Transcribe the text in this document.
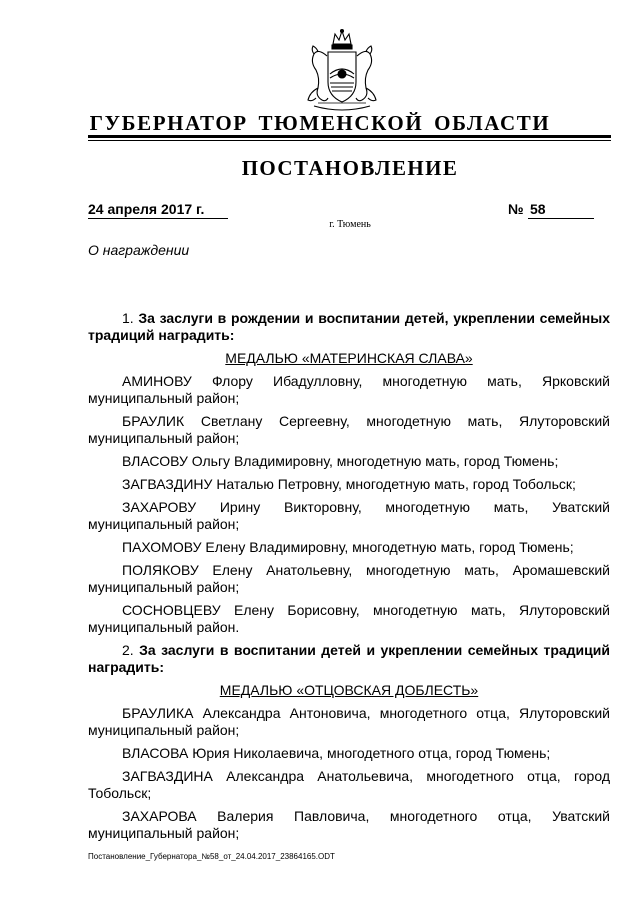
ГУБЕРНАТОР ТЮМЕНСКОЙ ОБЛАСТИ
ПОСТАНОВЛЕНИЕ
24 апреля 2017 г.	№ 58
г. Тюмень
О награждении
1. За заслуги в рождении и воспитании детей, укреплении семейных традиций наградить:
МЕДАЛЬЮ «МАТЕРИНСКАЯ СЛАВА»
АМИНОВУ Флору Ибадулловну, многодетную мать, Ярковский муниципальный район;
БРАУЛИК Светлану Сергеевну, многодетную мать, Ялуторовский муниципальный район;
ВЛАСОВУ Ольгу Владимировну, многодетную мать, город Тюмень;
ЗАГВАЗДИНУ Наталью Петровну, многодетную мать, город Тобольск;
ЗАХАРОВУ Ирину Викторовну, многодетную мать, Уватский муниципальный район;
ПАХОМОВУ Елену Владимировну, многодетную мать, город Тюмень;
ПОЛЯКОВУ Елену Анатольевну, многодетную мать, Аромашевский муниципальный район;
СОСНОВЦЕВУ Елену Борисовну, многодетную мать, Ялуторовский муниципальный район.
2. За заслуги в воспитании детей и укреплении семейных традиций наградить:
МЕДАЛЬЮ «ОТЦОВСКАЯ ДОБЛЕСТЬ»
БРАУЛИКА Александра Антоновича, многодетного отца, Ялуторовский муниципальный район;
ВЛАСОВА Юрия Николаевича, многодетного отца, город Тюмень;
ЗАГВАЗДИНА Александра Анатольевича, многодетного отца, город Тобольск;
ЗАХАРОВА Валерия Павловича, многодетного отца, Уватский муниципальный район;
Постановление_Губернатора_№58_от_24.04.2017_23864165.ODT
